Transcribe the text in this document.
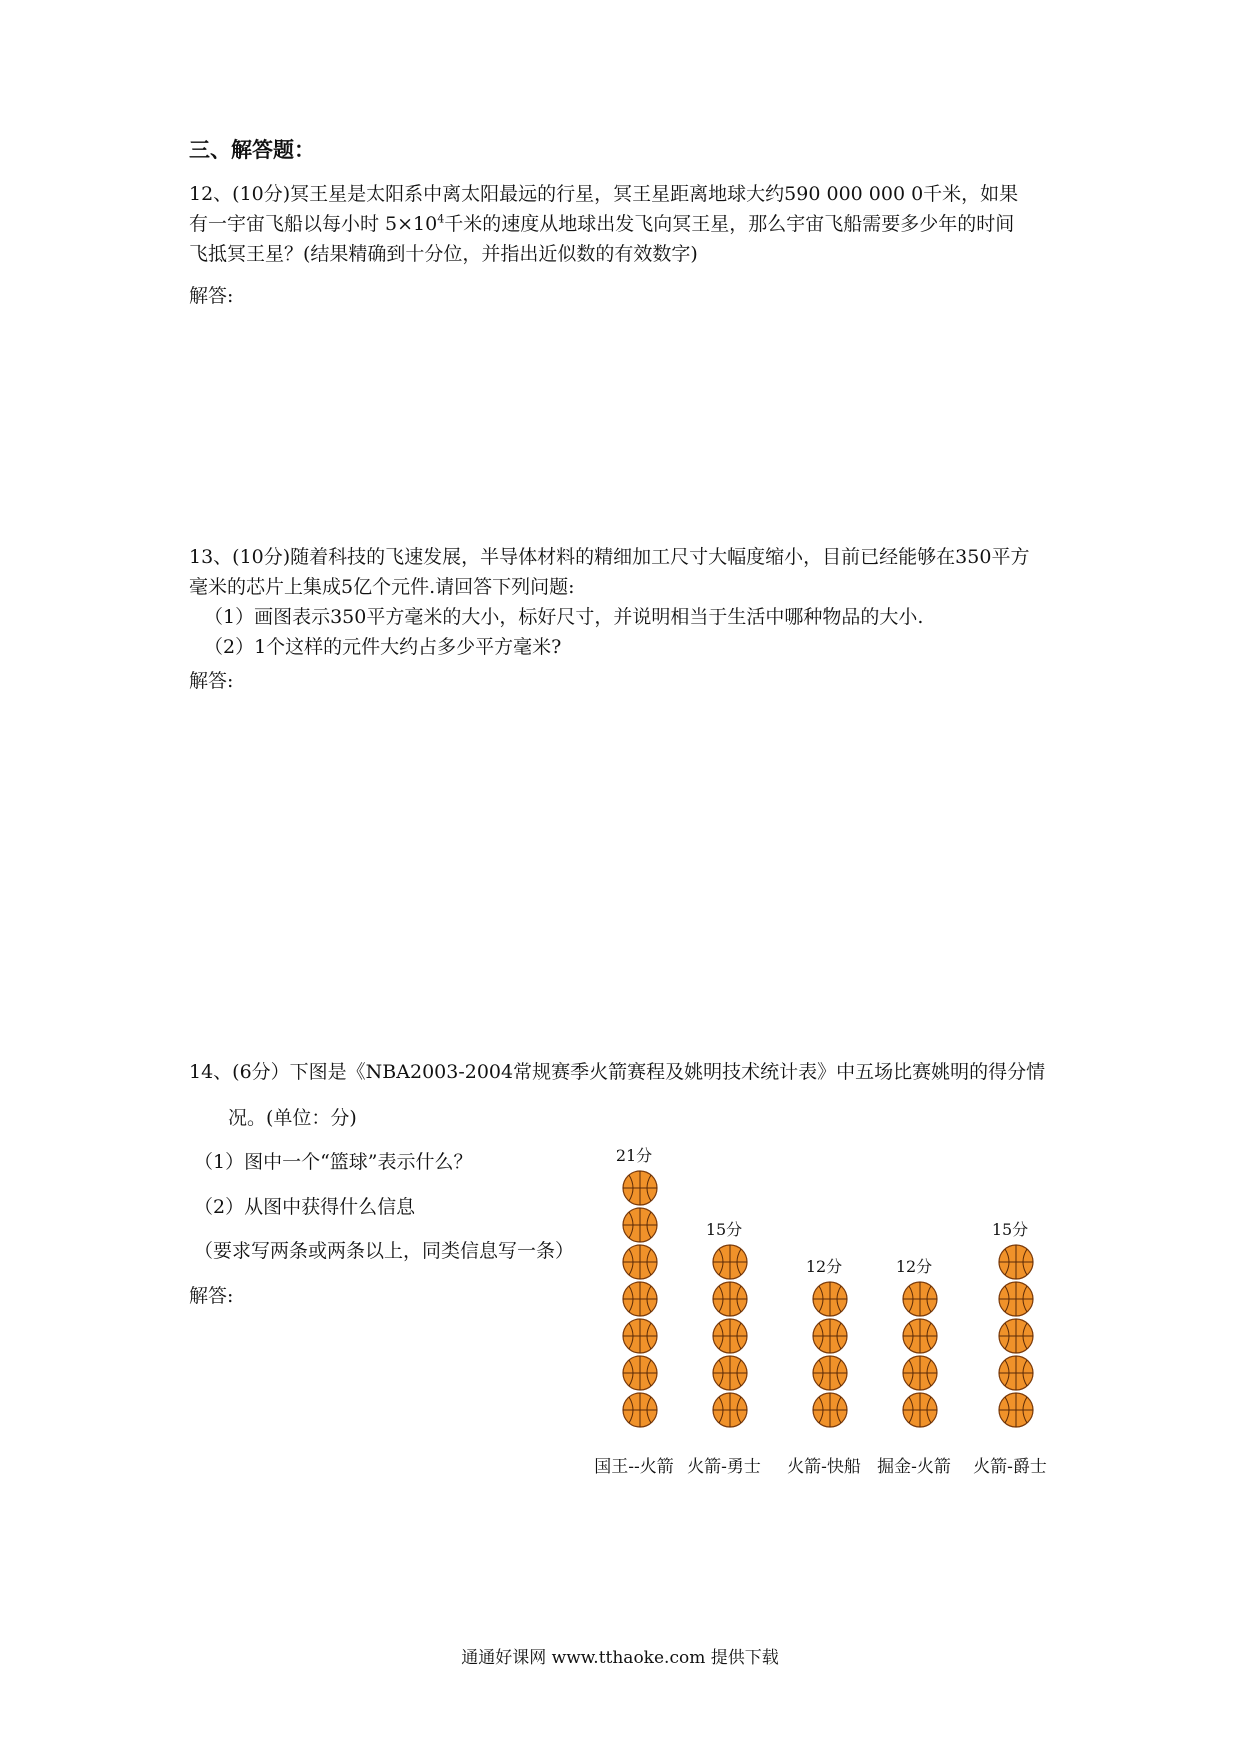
三、解答题：
12、(10分)冥王星是太阳系中离太阳最远的行星，冥王星距离地球大约590 000 000 0千米，如果
有一宇宙飞船以每小时 $5\times 10^4$千米的速度从地球出发飞向冥王星，那么宇宙飞船需要多少年的时间
飞抵冥王星？(结果精确到十分位，并指出近似数的有效数字)
解答:
13、(10分)随着科技的飞速发展，半导体材料的精细加工尺寸大幅度缩小，目前已经能够在350平方
毫米的芯片上集成5亿个元件.请回答下列问题:
（1）画图表示350平方毫米的大小，标好尺寸，并说明相当于生活中哪种物品的大小.
（2）1个这样的元件大约占多少平方毫米?
解答:
14、(6分）下图是《NBA2003-2004常规赛季火箭赛程及姚明技术统计表》中五场比赛姚明的得分情
况。(单位：分)
（1）图中一个“篮球”表示什么？
（2）从图中获得什么信息
（要求写两条或两条以上，同类信息写一条）
解答:
21分
国王--火箭
15分
火箭-勇士
12分
火箭-快船
12分
掘金-火箭
15分
火箭-爵士
通通好课网 www.tthaoke.com 提供下载
